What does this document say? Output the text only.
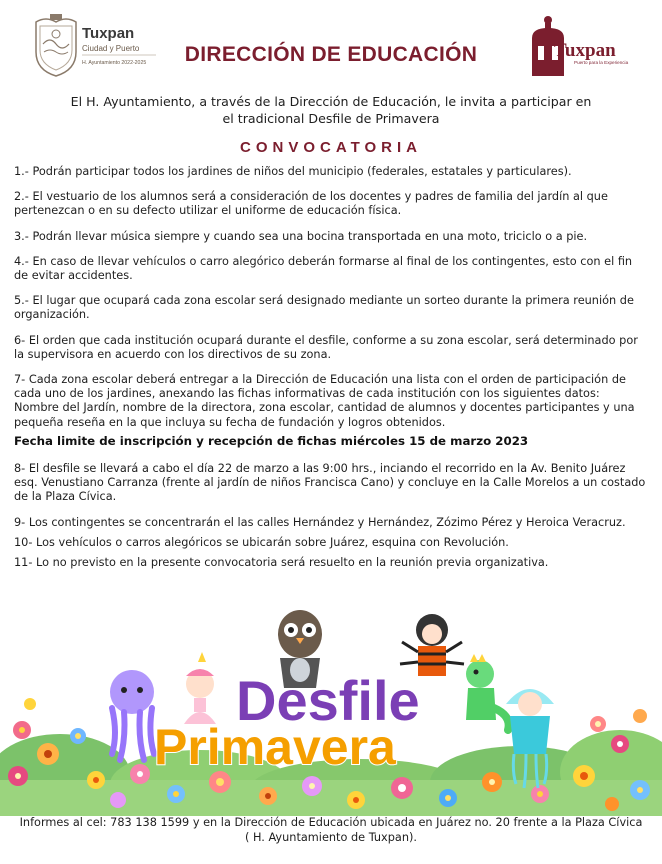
Tuxpan
Ciudad y Puerto
H. Ayuntamiento 2022-2025	DIRECCIÓN DE EDUCACIÓN	Tuxpan
Puerto para la Experiencia
El H. Ayuntamiento, a través de la Dirección de Educación, le invita a participar en
el tradicional Desfile de Primavera
CONVOCATORIA
1.- Podrán participar todos los jardines de niños del municipio (federales, estatales y particulares).
2.- El vestuario de los alumnos será a consideración de los docentes y padres de familia del jardín al que pertenezcan o en su defecto utilizar el uniforme de educación física.
3.- Podrán llevar música siempre y cuando sea una bocina transportada en una moto, triciclo o a pie.
4.- En caso de llevar vehículos o carro alegórico deberán formarse al final de los contingentes, esto con el fin de evitar accidentes.
5.- El lugar que ocupará cada zona escolar será designado mediante un sorteo durante la primera reunión de organización.
6- El orden que cada institución ocupará durante el desfile, conforme a su zona escolar, será determinado por la supervisora en acuerdo con los directivos de su zona.
7- Cada zona escolar deberá entregar a la Dirección de Educación una lista con el orden de participación de cada uno de los jardines, anexando las fichas informativas de cada institución con los siguientes datos: Nombre del Jardín, nombre de la directora, zona escolar, cantidad de alumnos y docentes participantes y una pequeña reseña en la que incluya su fecha de fundación y logros obtenidos.
Fecha limite de inscripción y recepción de fichas miércoles 15 de marzo 2023
8- El desfile se llevará a cabo el día 22 de marzo a las 9:00 hrs., inciando el recorrido en la Av. Benito Juárez esq. Venustiano Carranza (frente al jardín de niños Francisca Cano) y concluye en la Calle Morelos a un costado de la Plaza Cívica.
9- Los contingentes se concentrarán el las calles Hernández y Hernández, Zózimo Pérez y Heroica Veracruz.
10- Los vehículos o carros alegóricos se ubicarán sobre Juárez, esquina con Revolución.
11- Lo no previsto en la presente convocatoria será resuelto en la reunión previa organizativa.
Desfile
Primavera
Informes al cel: 783 138 1599 y en la Dirección de Educación ubicada en Juárez no. 20 frente a la Plaza Cívica
( H. Ayuntamiento de Tuxpan).
